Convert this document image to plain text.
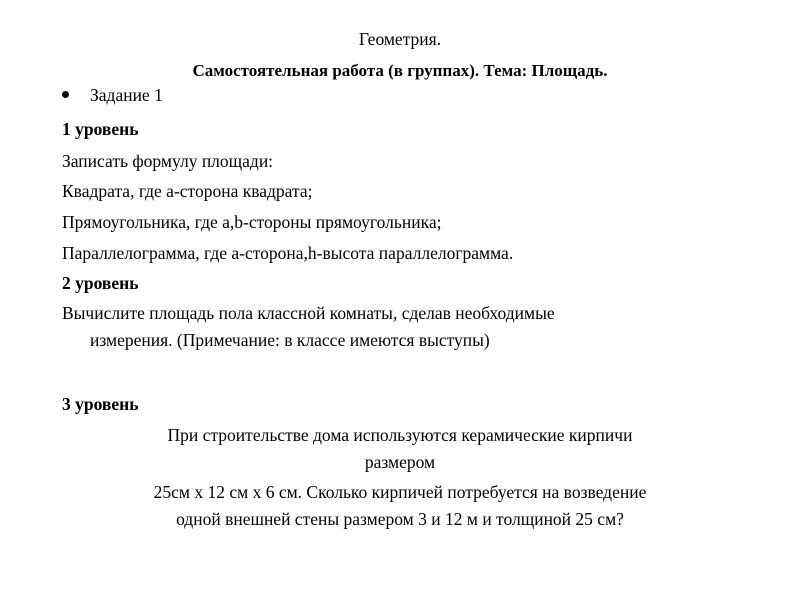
Геометрия.
Самостоятельная работа (в группах). Тема: Площадь.
Задание 1
1 уровень
Записать формулу площади:
Квадрата, где а-сторона квадрата;
Прямоугольника, где а,b-стороны прямоугольника;
Параллелограмма, где а-сторона,h-высота параллелограмма.
2 уровень
Вычислите площадь пола классной комнаты, сделав необходимые
измерения. (Примечание: в классе имеются выступы)
3 уровень
При строительстве дома используются керамические кирпичи
размером
25см х 12 см х 6 см. Сколько кирпичей потребуется на возведение
одной внешней стены размером 3 и 12 м и толщиной 25 см?
